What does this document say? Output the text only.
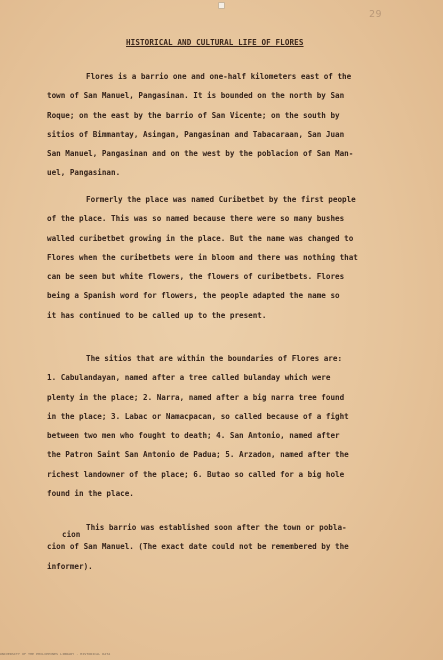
29
HISTORICAL AND CULTURAL LIFE OF FLORES
Flores is a barrio one and one-half kilometers east of the
town of San Manuel, Pangasinan. It is bounded on the north by San
Roque; on the east by the barrio of San Vicente; on the south by
sitios of Bimmantay, Asingan, Pangasinan and Tabacaraan, San Juan
San Manuel, Pangasinan and on the west by the poblacion of San Man-
uel, Pangasinan.
Formerly the place was named Curibetbet by the first people
of the place. This was so named because there were so many bushes
walled curibetbet growing in the place. But the name was changed to
Flores when the curibetbets were in bloom and there was nothing that
can be seen but white flowers, the flowers of curibetbets. Flores
being a Spanish word for flowers, the people adapted the name so
it has continued to be called up to the present.
The sitios that are within the boundaries of Flores are:
1. Cabulandayan, named after a tree called bulanday which were
plenty in the place; 2. Narra, named after a big narra tree found
in the place; 3. Labac or Namacpacan, so called because of a fight
between two men who fought to death; 4. San Antonio, named after
the Patron Saint San Antonio de Padua; 5. Arzadon, named after the
richest landowner of the place; 6. Butao so called for a big hole
found in the place.
cion
This barrio was established soon after the town or pobla-
cion of San Manuel. (The exact date could not be remembered by the
informer).
UNIVERSITY OF THE PHILIPPINES LIBRARY · HISTORICAL DATA
